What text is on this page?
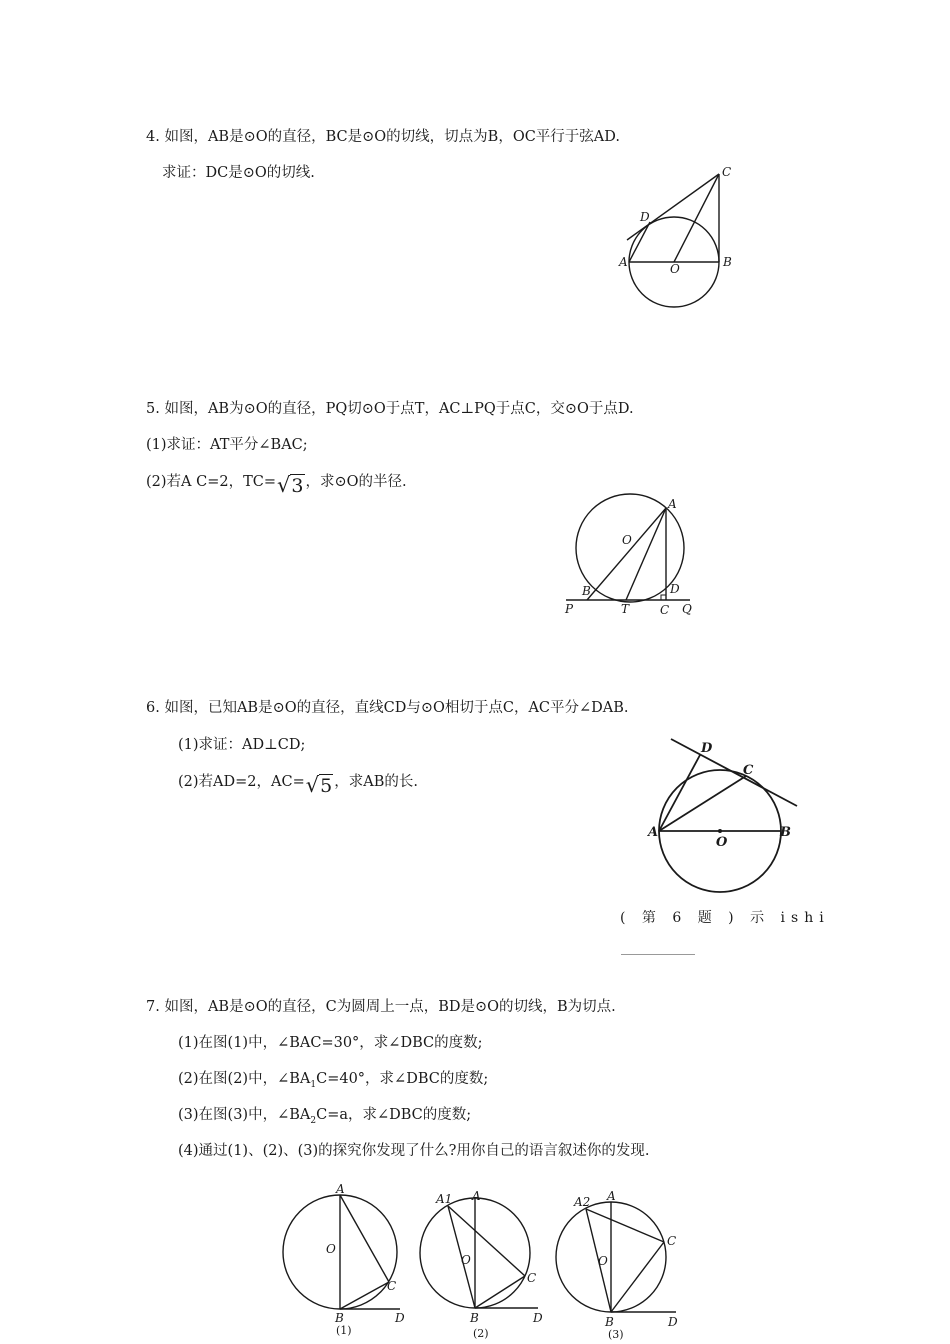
4. 如图，AB是⊙O的直径，BC是⊙O的切线，切点为B，OC平行于弦AD.
求证：DC是⊙O的切线.
A	B
C
D
O
5. 如图，AB为⊙O的直径，PQ切⊙O于点T，AC⊥PQ于点C，交⊙O于点D.
(1)求证：AT平分∠BAC;
(2)若A C=2，TC=√3 ，求⊙O的半径.
A
O
B	D
P	T	C Q
6. 如图，已知AB是⊙O的直径，直线CD与⊙O相切于点C，AC平分∠DAB.
(1)求证：AD⊥CD;
(2)若AD=2，AC=√5 ，求AB的长.
D
C
A	B
O
( 第 6 题 ) 示 ishi
7. 如图，AB是⊙O的直径，C为圆周上一点，BD是⊙O的切线，B为切点.
(1)在图(1)中，∠BAC=30°，求∠DBC的度数;
(2)在图(2)中，$\angle BA_1C=40^\circ$，求∠DBC的度数;
(3)在图(3)中，$\angle BA_2C=a$，求∠DBC的度数;
(4)通过(1)、(2)、(3)的探究你发现了什么?用你自己的语言叙述你的发现.
A
O
C
B	D
(1)
A1 A
O
C
B	D
(2)
A2 A
O
C
B	D
(3)
